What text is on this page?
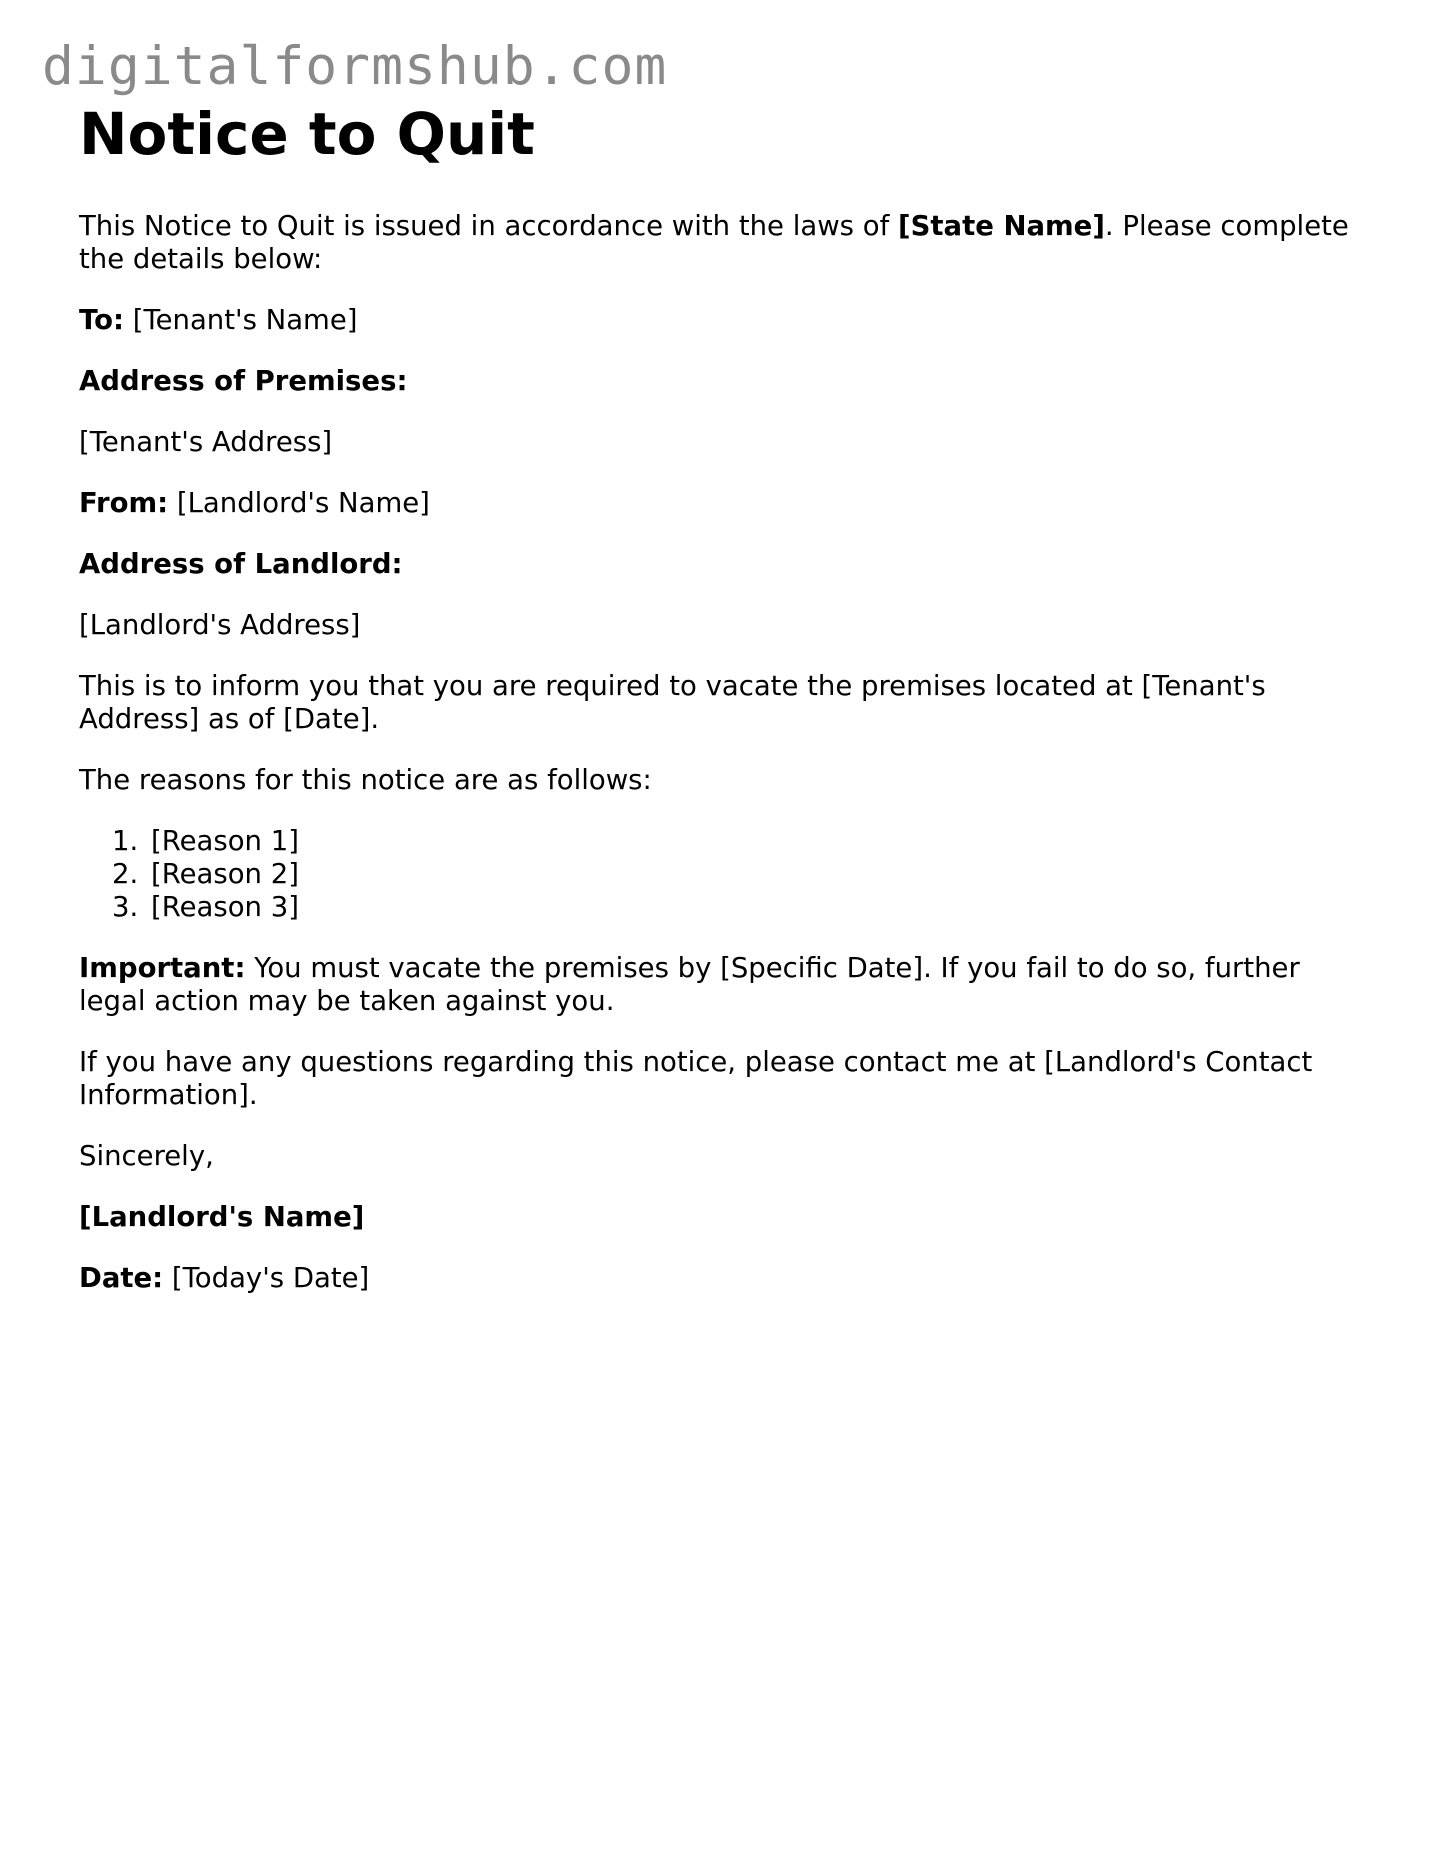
digitalformshub.com
Notice to Quit

This Notice to Quit is issued in accordance with the laws of [State Name]. Please complete the details below:

To: [Tenant's Name]

Address of Premises:

[Tenant's Address]

From: [Landlord's Name]

Address of Landlord:

[Landlord's Address]

This is to inform you that you are required to vacate the premises located at [Tenant's Address] as of [Date].

The reasons for this notice are as follows:

1. [Reason 1]
2. [Reason 2]
3. [Reason 3]

Important: You must vacate the premises by [Specific Date]. If you fail to do so, further legal action may be taken against you.

If you have any questions regarding this notice, please contact me at [Landlord's Contact Information].

Sincerely,

[Landlord's Name]

Date: [Today's Date]
